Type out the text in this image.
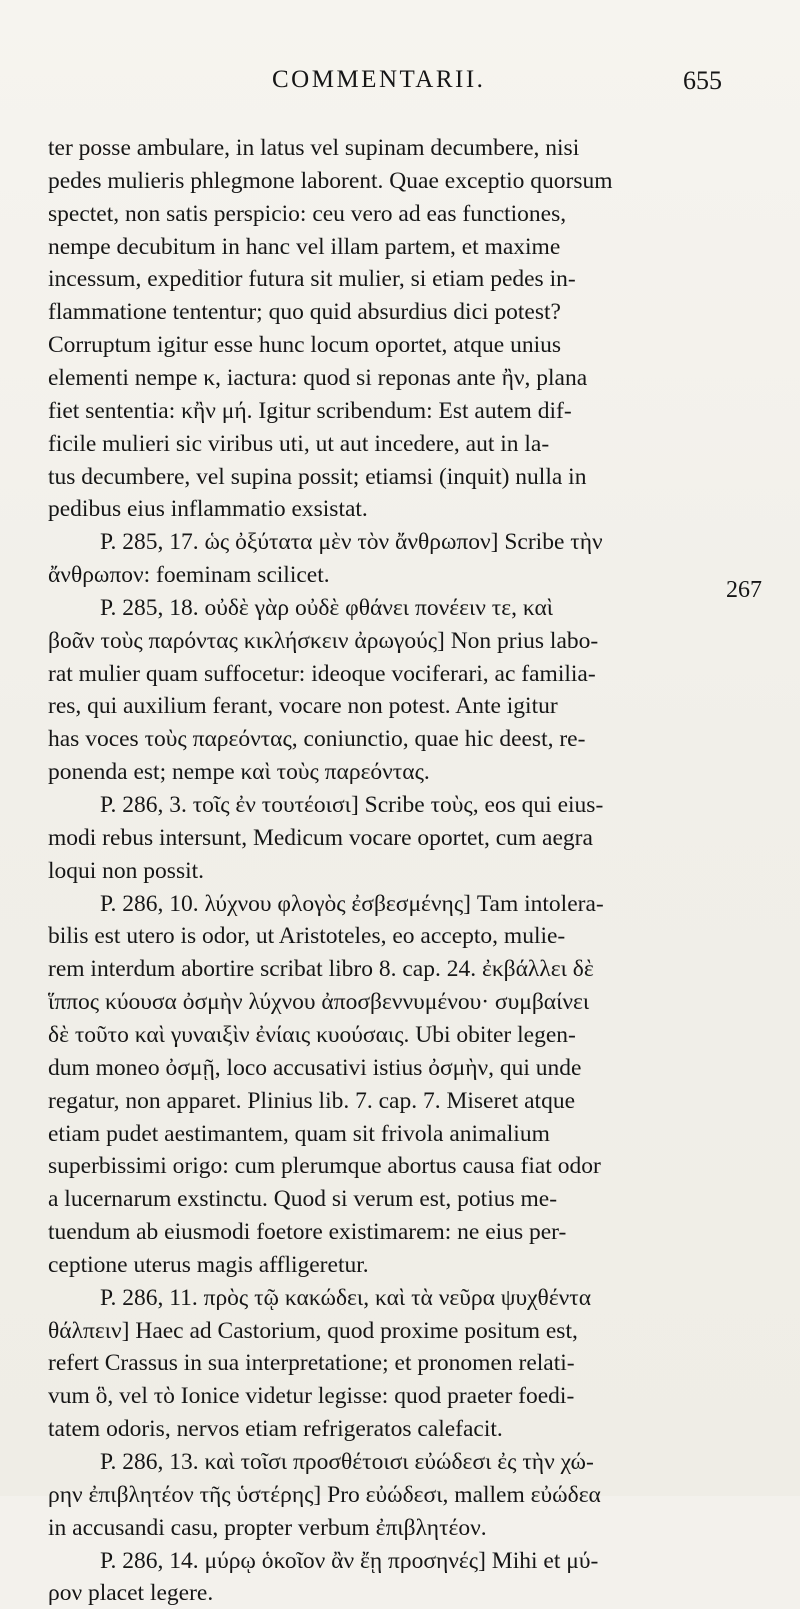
COMMENTARII.	655
ter posse ambulare, in latus vel supinam decumbere, nisi
pedes mulieris phlegmone laborent. Quae exceptio quorsum
spectet, non satis perspicio: ceu vero ad eas functiones,
nempe decubitum in hanc vel illam partem, et maxime
incessum, expeditior futura sit mulier, si etiam pedes in-
flammatione tententur; quo quid absurdius dici potest?
Corruptum igitur esse hunc locum oportet, atque unius
elementi nempe κ, iactura: quod si reponas ante ἢν, plana
fiet sententia: κἢν μή. Igitur scribendum: Est autem dif-
ficile mulieri sic viribus uti, ut aut incedere, aut in la-
tus decumbere, vel supina possit; etiamsi (inquit) nulla in
pedibus eius inflammatio exsistat.
P. 285, 17. ὡς ὀξύτατα μὲν τὸν ἄνθρωπον] Scribe τὴν
ἄνθρωπον: foeminam scilicet.
P. 285, 18. οὐδὲ γὰρ οὐδὲ φθάνει πονέειν τε, καὶ
βοᾶν τοὺς παρόντας κικλήσκειν ἀρωγούς] Non prius labo-
rat mulier quam suffocetur: ideoque vociferari, ac familia-
res, qui auxilium ferant, vocare non potest. Ante igitur
has voces τοὺς παρεόντας, coniunctio, quae hic deest, re-
ponenda est; nempe καὶ τοὺς παρεόντας.
P. 286, 3. τοῖς ἐν τουτέοισι] Scribe τοὺς, eos qui eius-
modi rebus intersunt, Medicum vocare oportet, cum aegra
loqui non possit.
P. 286, 10. λύχνου φλογὸς ἐσβεσμένης] Tam intolera-
bilis est utero is odor, ut Aristoteles, eo accepto, mulie-
rem interdum abortire scribat libro 8. cap. 24. ἐκβάλλει δὲ
ἵππος κύουσα ὀσμὴν λύχνου ἀποσβεννυμένου· συμβαίνει
δὲ τοῦτο καὶ γυναιξὶν ἐνίαις κυούσαις. Ubi obiter legen-
dum moneo ὀσμῇ, loco accusativi istius ὀσμὴν, qui unde
regatur, non apparet. Plinius lib. 7. cap. 7. Miseret atque
etiam pudet aestimantem, quam sit frivola animalium
superbissimi origo: cum plerumque abortus causa fiat odor
a lucernarum exstinctu. Quod si verum est, potius me-
tuendum ab eiusmodi foetore existimarem: ne eius per-
ceptione uterus magis affligeretur.
P. 286, 11. πρὸς τῷ κακώδει, καὶ τὰ νεῦρα ψυχθέντα
θάλπειν] Haec ad Castorium, quod proxime positum est,
refert Crassus in sua interpretatione; et pronomen relati-
vum ὃ, vel τὸ Ionice videtur legisse: quod praeter foedi-
tatem odoris, nervos etiam refrigeratos calefacit.
P. 286, 13. καὶ τοῖσι προσθέτοισι εὐώδεσι ἐς τὴν χώ-
ρην ἐπιβλητέον τῆς ὑστέρης] Pro εὐώδεσι, mallem εὐώδεα
in accusandi casu, propter verbum ἐπιβλητέον.
P. 286, 14. μύρῳ ὁκοῖον ἂν ἔῃ προσηνές] Mihi et μύ-
ρον placet legere.
267
